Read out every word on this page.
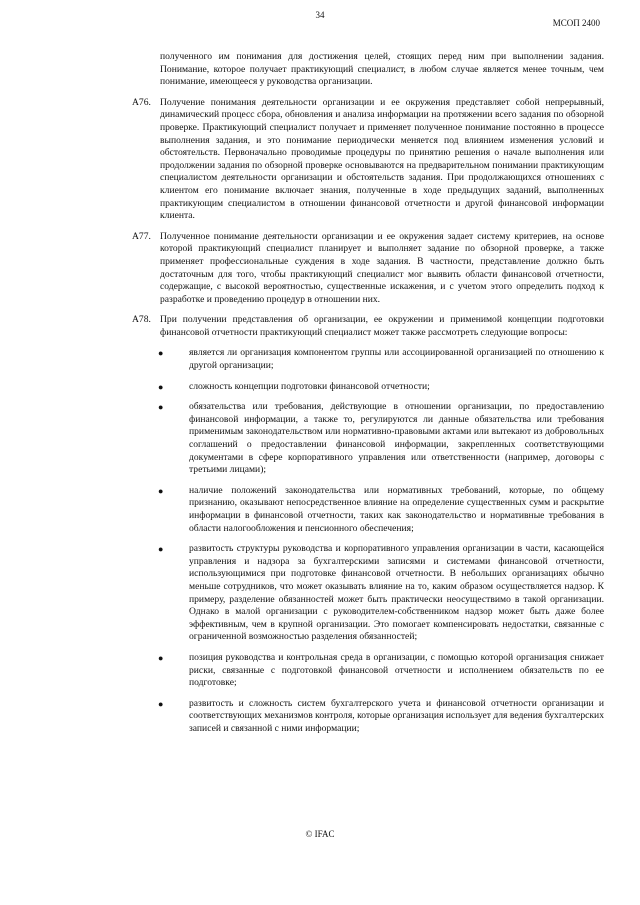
34
МСОП 2400

полученного им понимания для достижения целей, стоящих перед ним при выполнении задания. Понимание, которое получает практикующий специалист, в любом случае является менее точным, чем понимание, имеющееся у руководства организации.

A76. Получение понимания деятельности организации и ее окружения представляет собой непрерывный, динамический процесс сбора, обновления и анализа информации на протяжении всего задания по обзорной проверке. Практикующий специалист получает и применяет полученное понимание постоянно в процессе выполнения задания, и это понимание периодически меняется под влиянием изменения условий и обстоятельств. Первоначально проводимые процедуры по принятию решения о начале выполнения или продолжении задания по обзорной проверке основываются на предварительном понимании практикующим специалистом деятельности организации и обстоятельств задания. При продолжающихся отношениях с клиентом его понимание включает знания, полученные в ходе предыдущих заданий, выполненных практикующим специалистом в отношении финансовой отчетности и другой финансовой информации клиента.

A77. Полученное понимание деятельности организации и ее окружения задает систему критериев, на основе которой практикующий специалист планирует и выполняет задание по обзорной проверке, а также применяет профессиональные суждения в ходе задания. В частности, представление должно быть достаточным для того, чтобы практикующий специалист мог выявить области финансовой отчетности, содержащие, с высокой вероятностью, существенные искажения, и с учетом этого определить подход к разработке и проведению процедур в отношении них.

A78. При получении представления об организации, ее окружении и применимой концепции подготовки финансовой отчетности практикующий специалист может также рассмотреть следующие вопросы:

●	является ли организация компонентом группы или ассоциированной организацией по отношению к другой организации;
●	сложность концепции подготовки финансовой отчетности;
●	обязательства или требования, действующие в отношении организации, по предоставлению финансовой информации, а также то, регулируются ли данные обязательства или требования применимым законодательством или нормативно-правовыми актами или вытекают из добровольных соглашений о предоставлении финансовой информации, закрепленных соответствующими документами в сфере корпоративного управления или ответственности (например, договоры с третьими лицами);
●	наличие положений законодательства или нормативных требований, которые, по общему признанию, оказывают непосредственное влияние на определение существенных сумм и раскрытие информации в финансовой отчетности, таких как законодательство и нормативные требования в области налогообложения и пенсионного обеспечения;
●	развитость структуры руководства и корпоративного управления организации в части, касающейся управления и надзора за бухгалтерскими записями и системами финансовой отчетности, использующимися при подготовке финансовой отчетности. В небольших организациях обычно меньше сотрудников, что может оказывать влияние на то, каким образом осуществляется надзор. К примеру, разделение обязанностей может быть практически неосуществимо в такой организации. Однако в малой организации с руководителем-собственником надзор может быть даже более эффективным, чем в крупной организации. Это помогает компенсировать недостатки, связанные с ограниченной возможностью разделения обязанностей;
●	позиция руководства и контрольная среда в организации, с помощью которой организация снижает риски, связанные с подготовкой финансовой отчетности и исполнением обязательств по ее подготовке;
●	развитость и сложность систем бухгалтерского учета и финансовой отчетности организации и соответствующих механизмов контроля, которые организация использует для ведения бухгалтерских записей и связанной с ними информации;
© IFAC
